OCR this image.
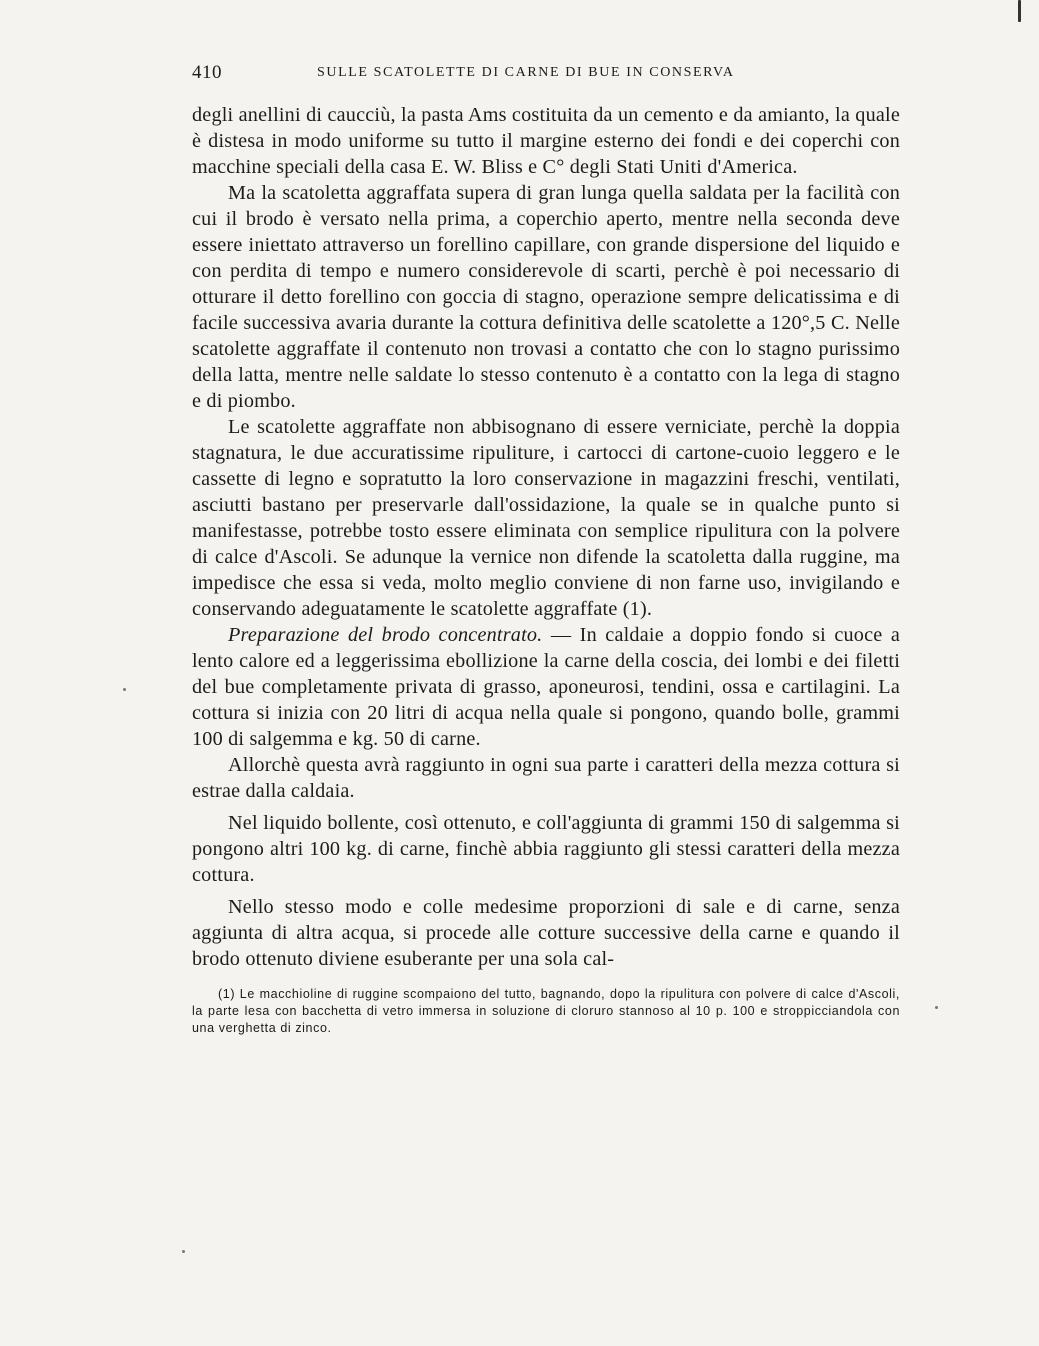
410	SULLE SCATOLETTE DI CARNE DI BUE IN CONSERVA

degli anellini di caucciù, la pasta Ams costituita da un cemento e da amianto, la quale è distesa in modo uniforme su tutto il margine esterno dei fondi e dei coperchi con macchine speciali della casa E. W. Bliss e C° degli Stati Uniti d'America.

Ma la scatoletta aggraffata supera di gran lunga quella saldata per la facilità con cui il brodo è versato nella prima, a coperchio aperto, mentre nella seconda deve essere iniettato attraverso un forellino capillare, con grande dispersione del liquido e con perdita di tempo e numero considerevole di scarti, perchè è poi necessario di otturare il detto forellino con goccia di stagno, operazione sempre delicatissima e di facile successiva avaria durante la cottura definitiva delle scatolette a 120°,5 C. Nelle scatolette aggraffate il contenuto non trovasi a contatto che con lo stagno purissimo della latta, mentre nelle saldate lo stesso contenuto è a contatto con la lega di stagno e di piombo.

Le scatolette aggraffate non abbisognano di essere verniciate, perchè la doppia stagnatura, le due accuratissime ripuliture, i cartocci di cartone-cuoio leggero e le cassette di legno e sopratutto la loro conservazione in magazzini freschi, ventilati, asciutti bastano per preservarle dall'ossidazione, la quale se in qualche punto si manifestasse, potrebbe tosto essere eliminata con semplice ripulitura con la polvere di calce d'Ascoli. Se adunque la vernice non difende la scatoletta dalla ruggine, ma impedisce che essa si veda, molto meglio conviene di non farne uso, invigilando e conservando adeguatamente le scatolette aggraffate (1).

Preparazione del brodo concentrato. — In caldaie a doppio fondo si cuoce a lento calore ed a leggerissima ebollizione la carne della coscia, dei lombi e dei filetti del bue completamente privata di grasso, aponeurosi, tendini, ossa e cartilagini. La cottura si inizia con 20 litri di acqua nella quale si pongono, quando bolle, grammi 100 di salgemma e kg. 50 di carne.

Allorchè questa avrà raggiunto in ogni sua parte i caratteri della mezza cottura si estrae dalla caldaia.

Nel liquido bollente, così ottenuto, e coll'aggiunta di grammi 150 di salgemma si pongono altri 100 kg. di carne, finchè abbia raggiunto gli stessi caratteri della mezza cottura.

Nello stesso modo e colle medesime proporzioni di sale e di carne, senza aggiunta di altra acqua, si procede alle cotture successive della carne e quando il brodo ottenuto diviene esuberante per una sola cal-

(1) Le macchioline di ruggine scompaiono del tutto, bagnando, dopo la ripulitura con polvere di calce d'Ascoli, la parte lesa con bacchetta di vetro immersa in soluzione di cloruro stannoso al 10 p. 100 e stroppicciandola con una verghetta di zinco.
